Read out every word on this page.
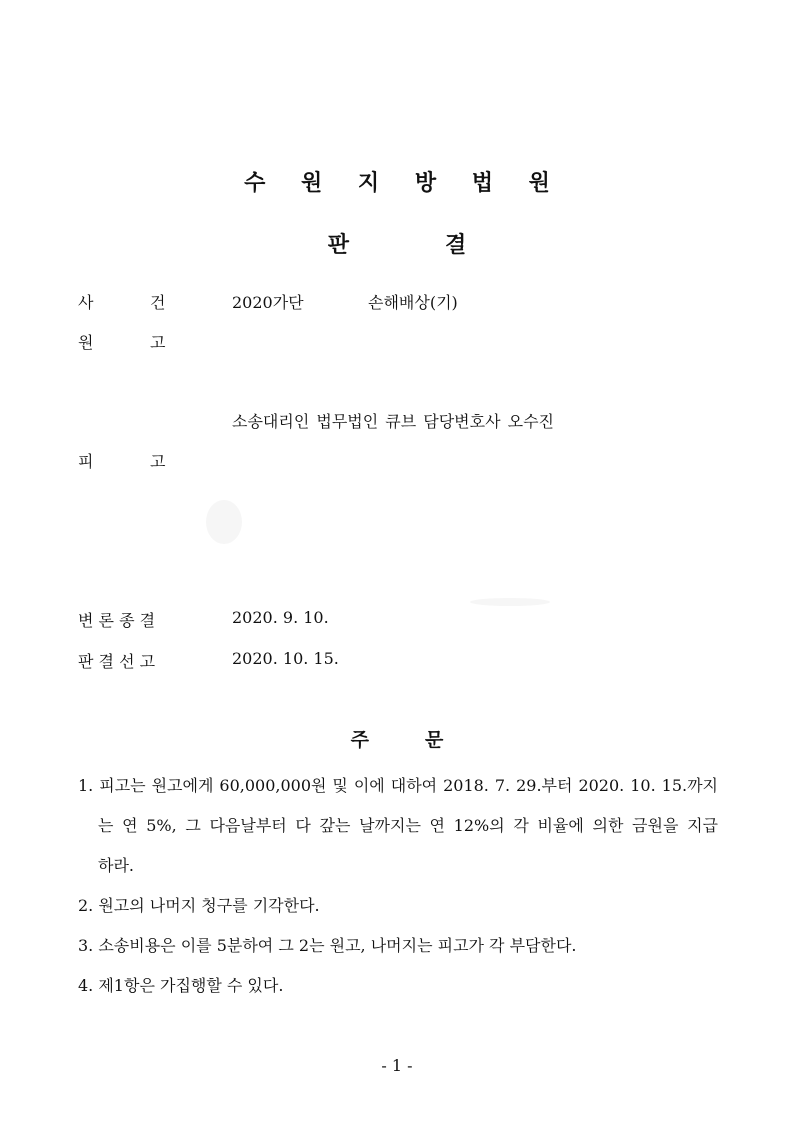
수 원 지 방 법 원
판	결
사	건	2020가단	손해배상(기)
원	고
소송대리인 법무법인 큐브 담당변호사 오수진
피	고
변 론 종 결	2020. 9. 10.
판 결 선 고	2020. 10. 15.
주	문
1. 피고는 원고에게 60,000,000원 및 이에 대하여 2018. 7. 29.부터 2020. 10. 15.까지
는 연 5%, 그 다음날부터 다 갚는 날까지는 연 12%의 각 비율에 의한 금원을 지급
하라.
2. 원고의 나머지 청구를 기각한다.
3. 소송비용은 이를 5분하여 그 2는 원고, 나머지는 피고가 각 부담한다.
4. 제1항은 가집행할 수 있다.
- 1 -
